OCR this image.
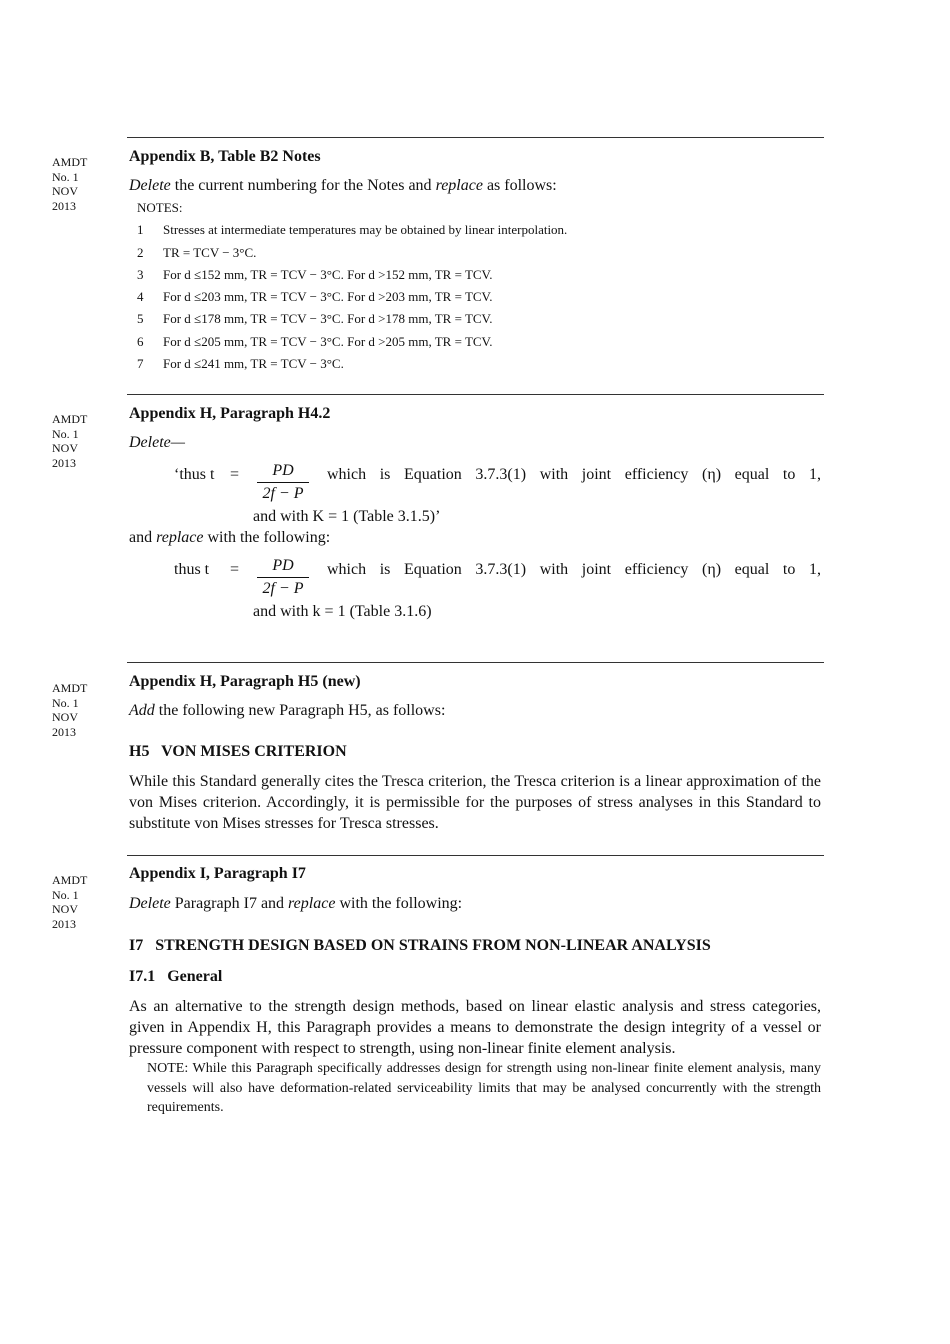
AMDT
No. 1
NOV
2013
Appendix B, Table B2 Notes
Delete the current numbering for the Notes and replace as follows:
NOTES:
1	Stresses at intermediate temperatures may be obtained by linear interpolation.
2	TR = TCV − 3°C.
3	For d ≤152 mm, TR = TCV − 3°C. For d >152 mm, TR = TCV.
4	For d ≤203 mm, TR = TCV − 3°C. For d >203 mm, TR = TCV.
5	For d ≤178 mm, TR = TCV − 3°C. For d >178 mm, TR = TCV.
6	For d ≤205 mm, TR = TCV − 3°C. For d >205 mm, TR = TCV.
7	For d ≤241 mm, TR = TCV − 3°C.
AMDT
No. 1
NOV
2013
Appendix H, Paragraph H4.2
Delete—
‘thus t =	PD
2f − P
which is Equation 3.7.3(1) with joint efficiency (η) equal to 1,
and with K = 1 (Table 3.1.5)’
and replace with the following:
thus t =	PD
2f − P
which is Equation 3.7.3(1) with joint efficiency (η) equal to 1,
and with k = 1 (Table 3.1.6)
AMDT
No. 1
NOV
2013
Appendix H, Paragraph H5 (new)
Add the following new Paragraph H5, as follows:
H5   VON MISES CRITERION
While this Standard generally cites the Tresca criterion, the Tresca criterion is a linear approximation of the von Mises criterion. Accordingly, it is permissible for the purposes of stress analyses in this Standard to substitute von Mises stresses for Tresca stresses.
AMDT
No. 1
NOV
2013
Appendix I, Paragraph I7
Delete Paragraph I7 and replace with the following:
I7   STRENGTH DESIGN BASED ON STRAINS FROM NON-LINEAR ANALYSIS
I7.1   General
As an alternative to the strength design methods, based on linear elastic analysis and stress categories, given in Appendix H, this Paragraph provides a means to demonstrate the design integrity of a vessel or pressure component with respect to strength, using non-linear finite element analysis.
NOTE: While this Paragraph specifically addresses design for strength using non-linear finite element analysis, many vessels will also have deformation-related serviceability limits that may be analysed concurrently with the strength requirements.
